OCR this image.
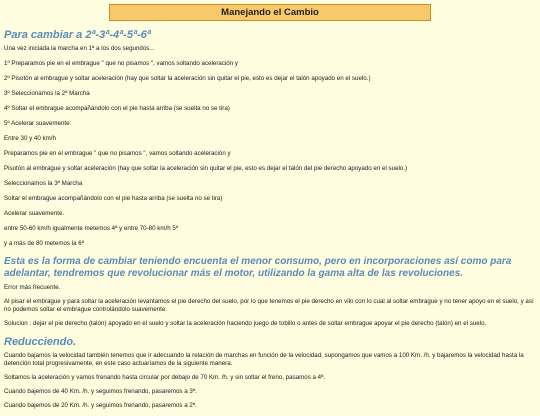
Manejando el Cambio
Para cambiar a 2ª-3ª-4ª-5ª-6ª

Una vez iniciada la marcha en 1ª a los dos segundos...

1º Preparamos pie en el embrague " que no pisamos ", vamos soltando aceleración y

2º Pisotón al embrague y soltar aceleración (hay que soltar la aceleración sin quitar el pie, esto es dejar el talón apoyado en el suelo.)

3º Seleccionamos la 2ª Marcha

4º Soltar el embrague acompañándolo con el pie hasta arriba (se suelta no se tira)

5º Acelerar suavemente.

Entre 30 y 40 km/h

Preparamos pie en el embrague " que no pisamos ", vamos soltando aceleración y

Pisotón al embrague y soltar aceleración (hay que soltar la aceleración sin quitar el pie, esto es dejar el talón del pie derecho apoyado en el suelo.)

Seleccionamos la 3ª Marcha

Soltar el embrague acompañándolo con el pie hasta arriba (se suelta no se tira)

Acelerar suavemente.

entre 50-60 km/h igualmente metemos 4ª y entre 70-80 km/h 5ª

y a más de 80 metemos la 6ª

Esta es la forma de cambiar teniendo encuenta el menor consumo, pero en incorporaciones así como para adelantar, tendremos que revolucionar más el motor, utilizando la gama alta de las revoluciones.

Error más frecuente.

Al pisar el embrague y para soltar la aceleración levantamos el pie derecho del suelo, por lo que tenemos el pie derecho en vilo con lo cual al soltar embrague y no tener apoyo en el suelo, y así no podemos soltar el embrague controlándolo suavemente.

Solucion : dejar el pie derecho (talón) apoyado en el suelo y soltar la aceleración haciendo juego de tobillo o antes de soltar embrague apoyar el pie derecho (talón) en el suelo.

Reducciendo.

Cuando bajamos la velocidad también tenemos que ir adecuando la relación de marchas en función de la velocidad, supongamos que vamos a 100 Km. /h. y bajaremos la velocidad hasta la detención total progresivamente, en este caso actuaríamos de la siguiente manera.

Soltamos la aceleración y vamos frenando hasta circular por debajo de 70 Km. /h. y sin soltar el freno, pasamos a 4ª.

Cuando bajemos de 40 Km. /h. y seguimos frenando, pasaremos a 3ª.

Cuando bajemos de 20 Km. /h. y seguimos frenando, pasaremos a 2ª.
